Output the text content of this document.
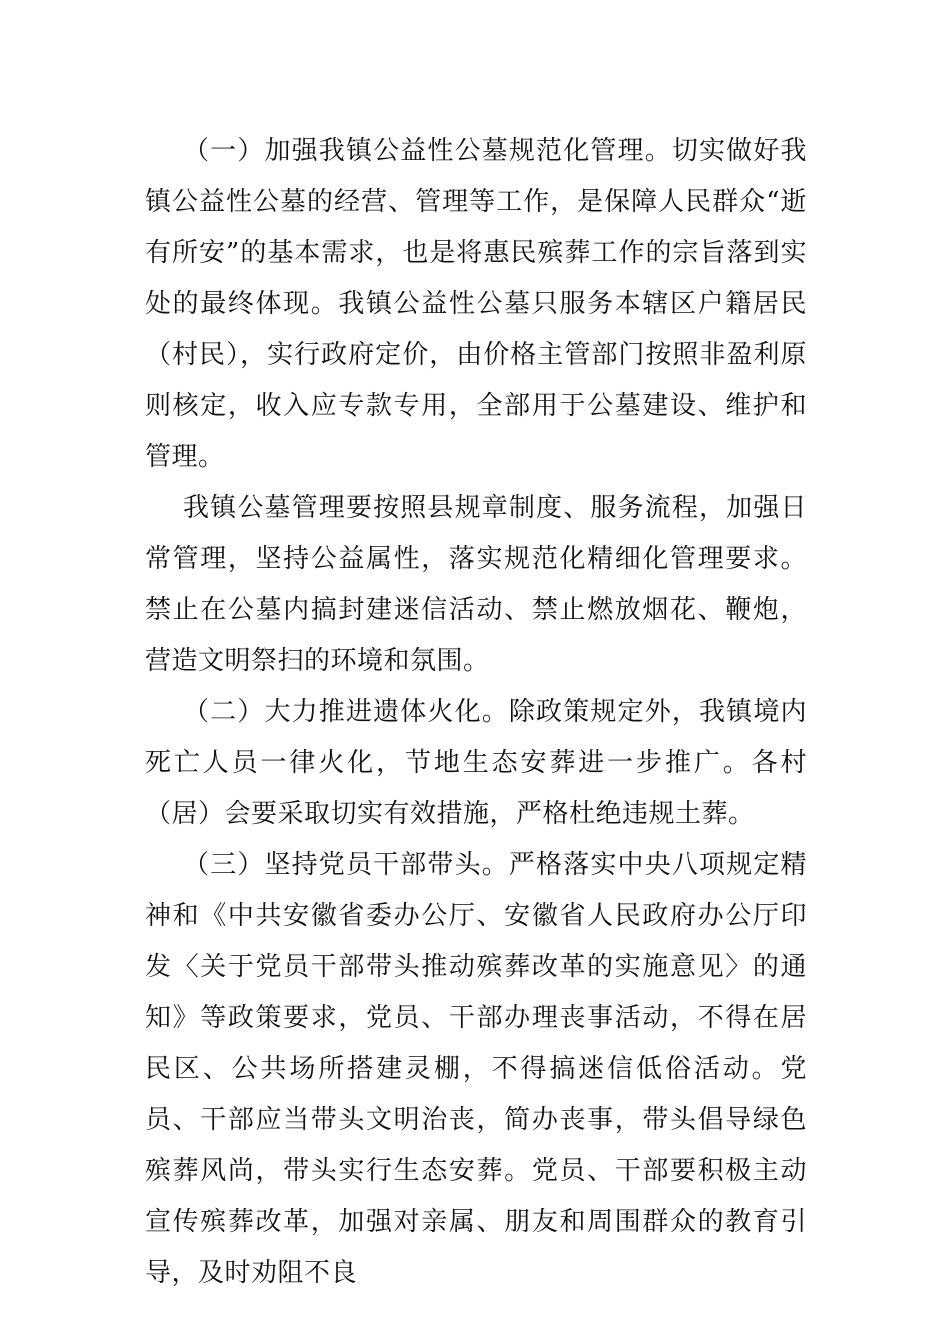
（一）加强我镇公益性公墓规范化管理。切实做好我镇公益性公墓的经营、管理等工作，是保障人民群众“逝有所安”的基本需求，也是将惠民殡葬工作的宗旨落到实处的最终体现。我镇公益性公墓只服务本辖区户籍居民（村民），实行政府定价，由价格主管部门按照非盈利原则核定，收入应专款专用，全部用于公墓建设、维护和管理。

我镇公墓管理要按照县规章制度、服务流程，加强日常管理，坚持公益属性，落实规范化精细化管理要求。禁止在公墓内搞封建迷信活动、禁止燃放烟花、鞭炮，营造文明祭扫的环境和氛围。

（二）大力推进遗体火化。除政策规定外，我镇境内死亡人员一律火化，节地生态安葬进一步推广。各村（居）会要采取切实有效措施，严格杜绝违规土葬。

（三）坚持党员干部带头。严格落实中央八项规定精神和《中共安徽省委办公厅、安徽省人民政府办公厅印发〈关于党员干部带头推动殡葬改革的实施意见〉的通知》等政策要求，党员、干部办理丧事活动，不得在居民区、公共场所搭建灵棚，不得搞迷信低俗活动。党员、干部应当带头文明治丧，简办丧事，带头倡导绿色殡葬风尚，带头实行生态安葬。党员、干部要积极主动宣传殡葬改革，加强对亲属、朋友和周围群众的教育引导，及时劝阻不良
